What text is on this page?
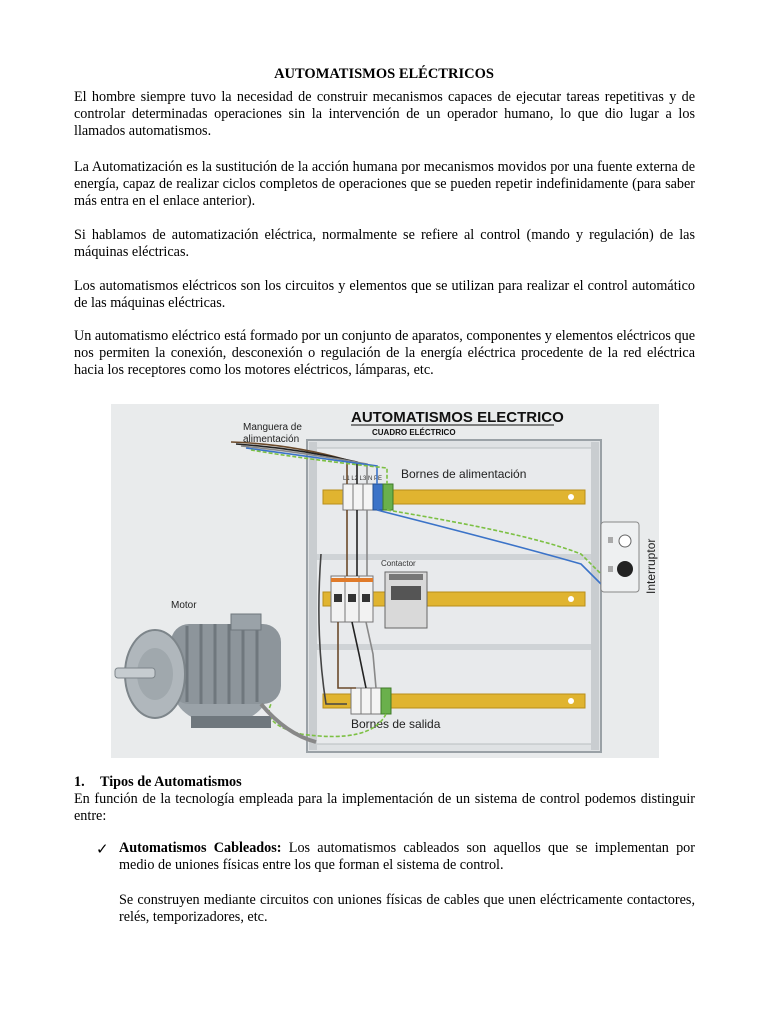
AUTOMATISMOS ELÉCTRICOS

El hombre siempre tuvo la necesidad de construir mecanismos capaces de ejecutar tareas repetitivas y de controlar determinadas operaciones sin la intervención de un operador humano, lo que dio lugar a los llamados automatismos.

La Automatización es la sustitución de la acción humana por mecanismos movidos por una fuente externa de energía, capaz de realizar ciclos completos de operaciones que se pueden repetir indefinidamente (para saber más entra en el enlace anterior).

Si hablamos de automatización eléctrica, normalmente se refiere al control (mando y regulación) de las máquinas eléctricas.

Los automatismos eléctricos son los circuitos y elementos que se utilizan para realizar el control automático de las máquinas eléctricas.

Un automatismo eléctrico está formado por un conjunto de aparatos, componentes y elementos eléctricos que nos permiten la conexión, desconexión o regulación de la energía eléctrica procedente de la red eléctrica hacia los receptores como los motores eléctricos, lámparas, etc.

AUTOMATISMOS ELECTRICO
CUADRO ELÉCTRICO
L1 L2 L3 N PE Bornes de alimentación
Contactor
Bornes de salida
Interruptor
Manguera de
alimentación
Motor
1. Tipos de Automatismos

En función de la tecnología empleada para la implementación de un sistema de control podemos distinguir entre:

✓ Automatismos Cableados: Los automatismos cableados son aquellos que se implementan por medio de uniones físicas entre los que forman el sistema de control.

Se construyen mediante circuitos con uniones físicas de cables que unen eléctricamente contactores, relés, temporizadores, etc.
